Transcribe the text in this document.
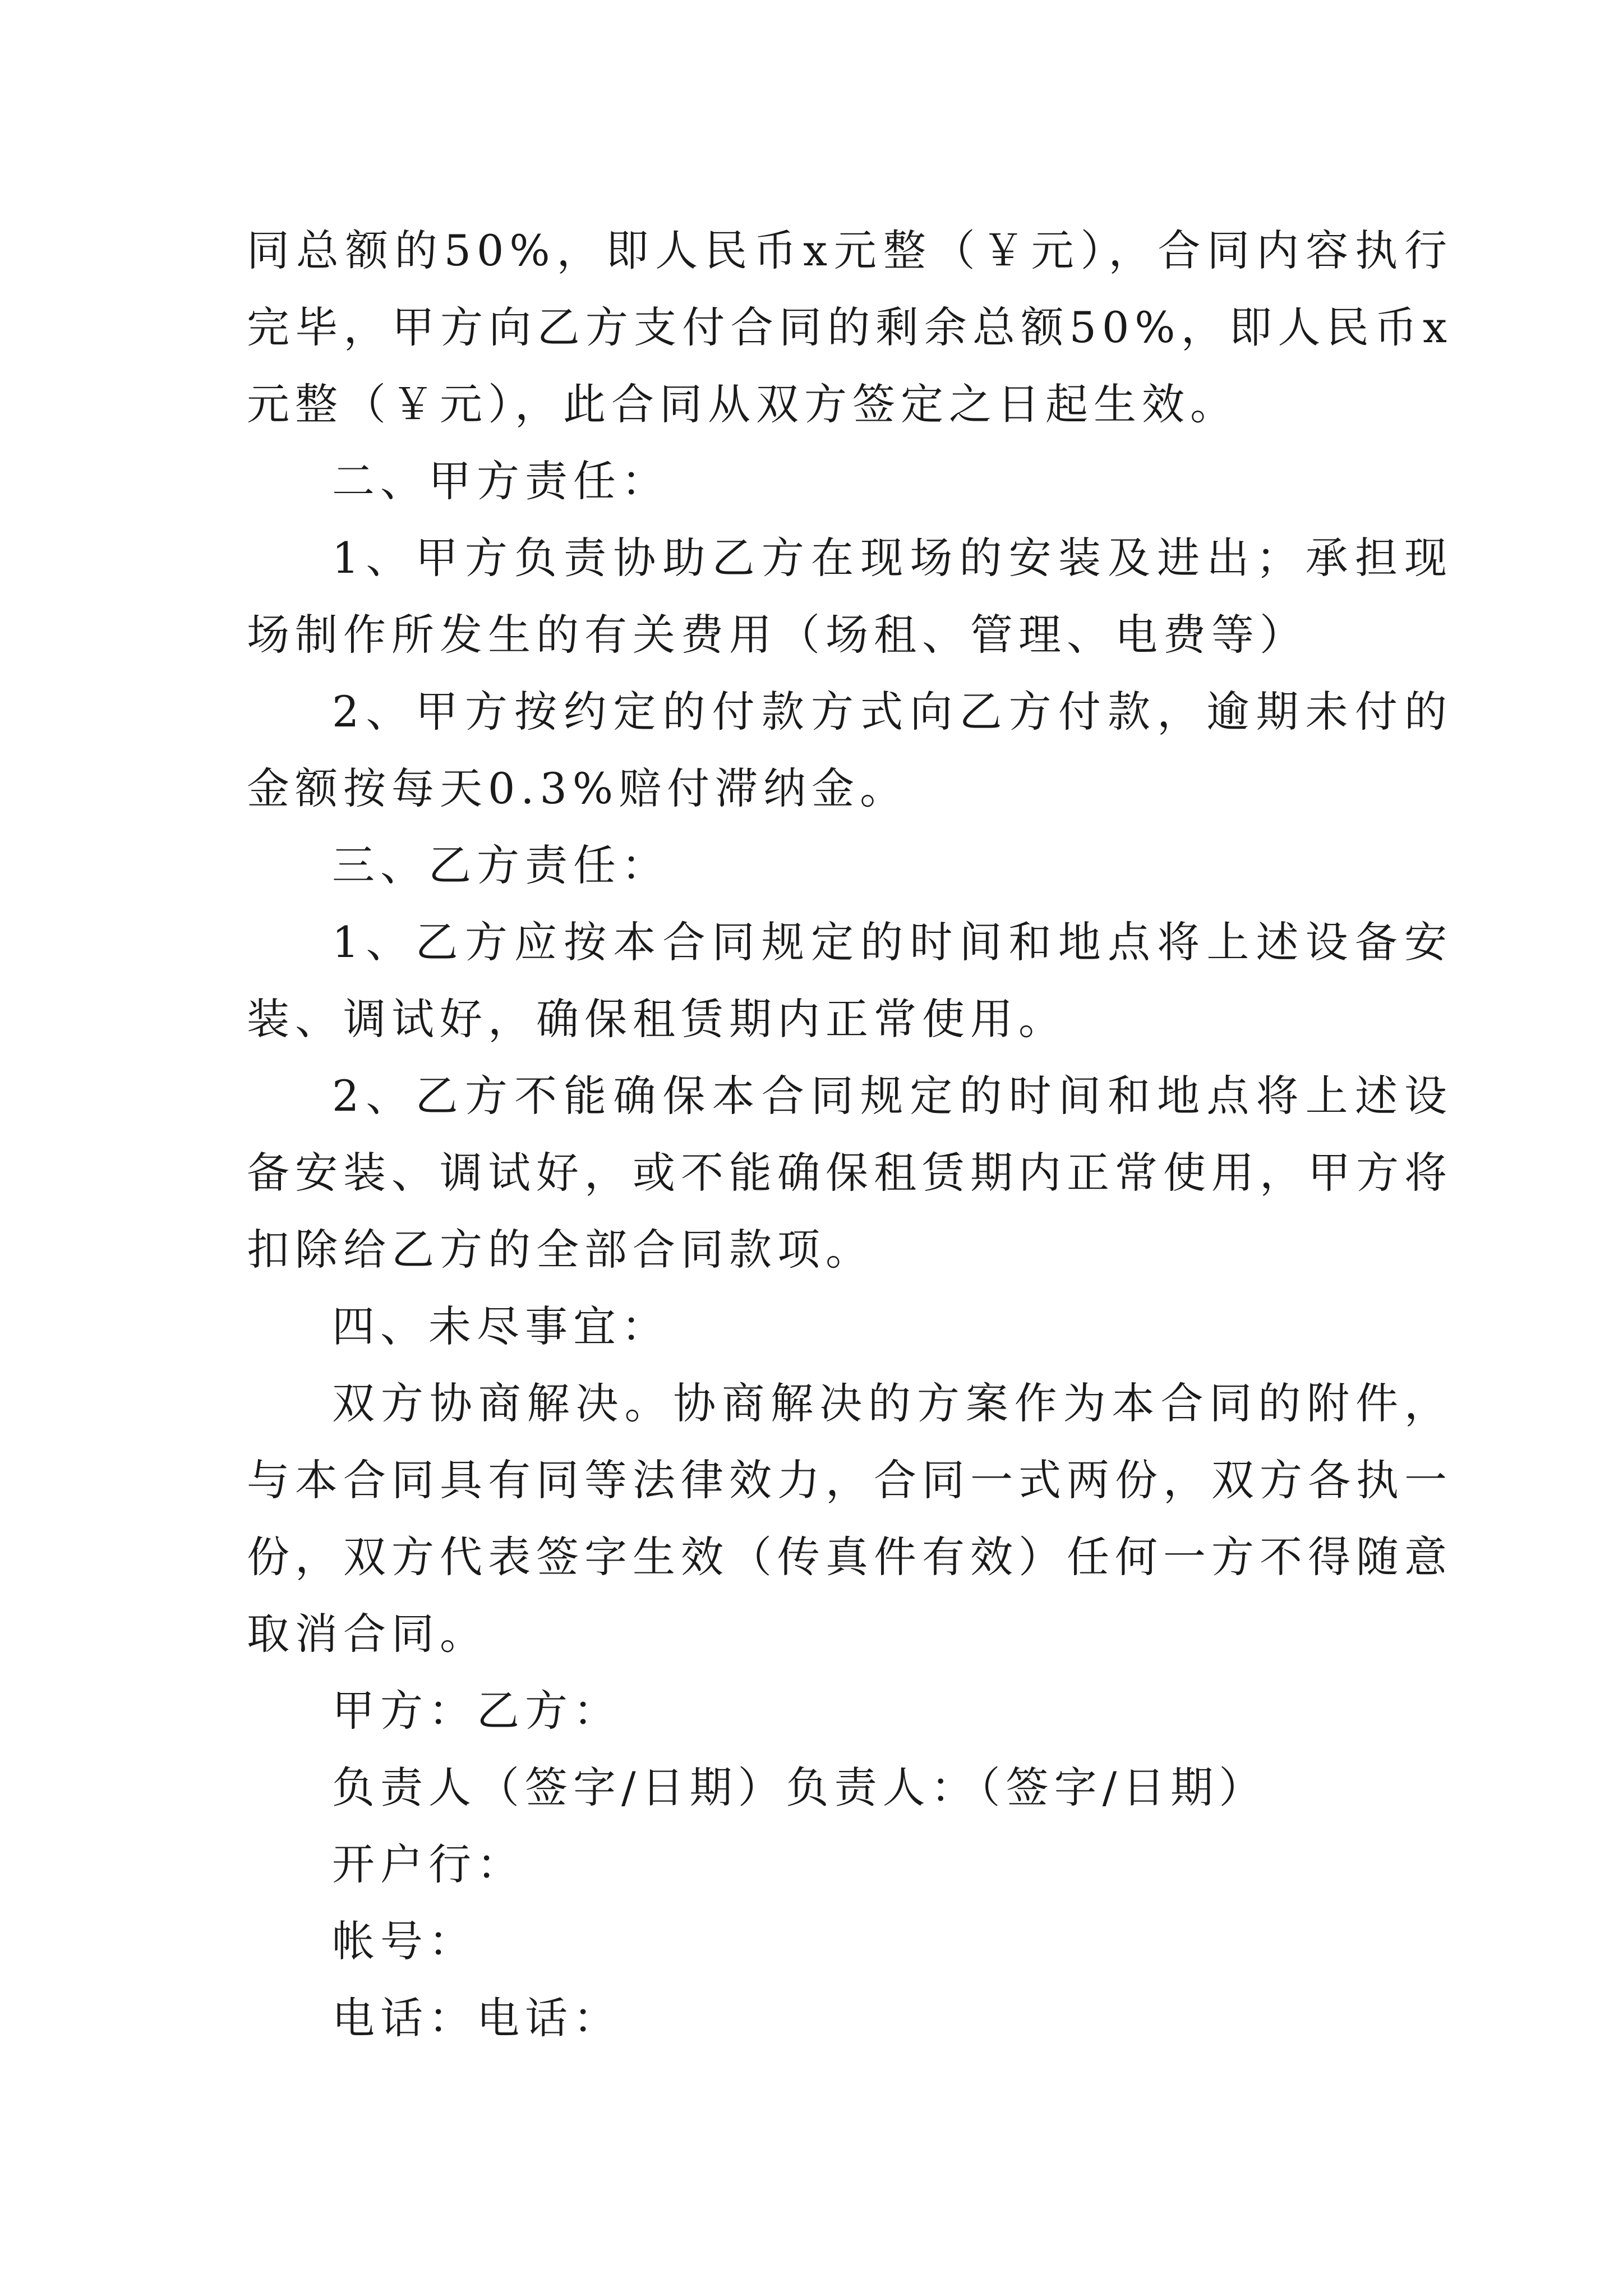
同总额的50%，即人民币x元整（￥元），合同内容执行完毕，甲方向乙方支付合同的剩余总额50%，即人民币x元整（￥元），此合同从双方签定之日起生效。

二、甲方责任：

1、甲方负责协助乙方在现场的安装及进出；承担现场制作所发生的有关费用（场租、管理、电费等）

2、甲方按约定的付款方式向乙方付款，逾期未付的金额按每天0.3%赔付滞纳金。

三、乙方责任：

1、乙方应按本合同规定的时间和地点将上述设备安装、调试好，确保租赁期内正常使用。

2、乙方不能确保本合同规定的时间和地点将上述设备安装、调试好，或不能确保租赁期内正常使用，甲方将扣除给乙方的全部合同款项。

四、未尽事宜：

双方协商解决。协商解决的方案作为本合同的附件，与本合同具有同等法律效力，合同一式两份，双方各执一份，双方代表签字生效（传真件有效）任何一方不得随意取消合同。

甲方：乙方：

负责人（签字/日期）负责人：（签字/日期）

开户行：

帐号：

电话：电话：
